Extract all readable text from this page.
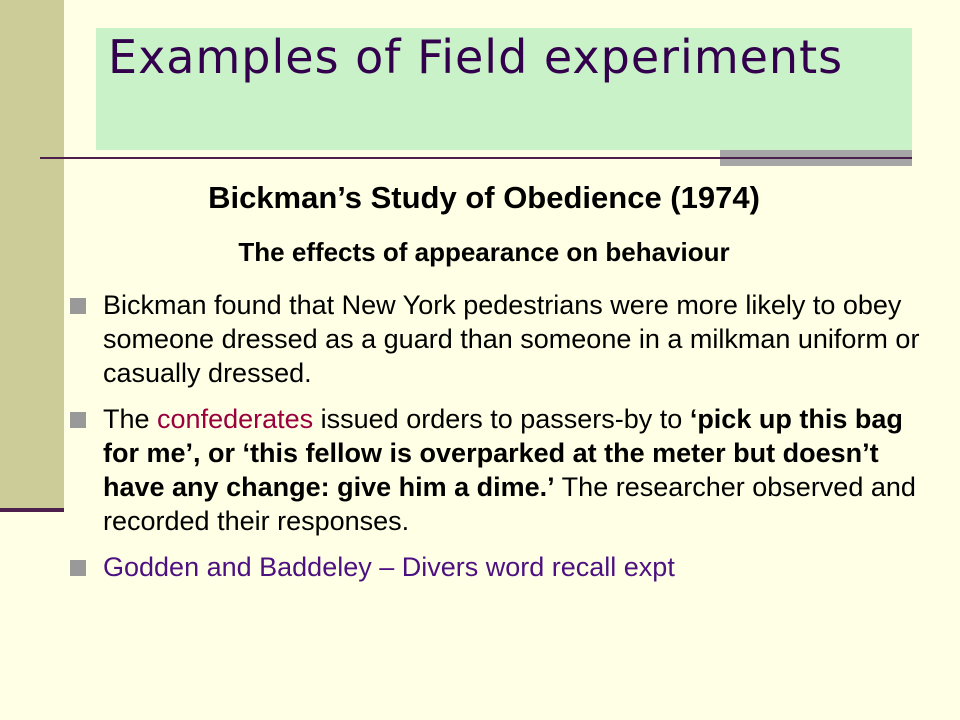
Examples of Field experiments
Bickman’s Study of Obedience (1974)
The effects of appearance on behaviour
Bickman found that New York pedestrians were more likely to obey someone dressed as a guard than someone in a milkman uniform or casually dressed.
The confederates issued orders to passers-by to ‘pick up this bag for me’, or ‘this fellow is overparked at the meter but doesn’t have any change: give him a dime.’ The researcher observed and recorded their responses.
Godden and Baddeley – Divers word recall expt
